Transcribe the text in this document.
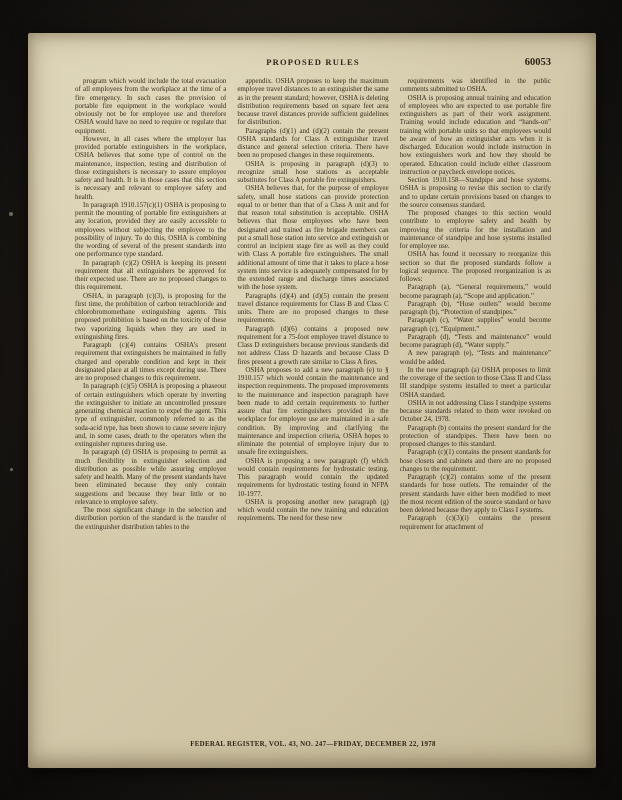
PROPOSED RULES	60053

program which would include the total evacuation of all employees from the workplace at the time of a fire emergency. In such cases the provision of portable fire equipment in the workplace would obviously not be for employee use and therefore OSHA would have no need to require or regulate that equipment.

However, in all cases where the employer has provided portable extinguishers in the workplace, OSHA believes that some type of control on the maintenance, inspection, testing and distribution of those extinguishers is necessary to assure employee safety and health. It is in those cases that this section is necessary and relevant to employee safety and health.

In paragraph 1910.157(c)(1) OSHA is proposing to permit the mounting of portable fire extinguishers at any location, provided they are easily accessible to employees without subjecting the employee to the possibility of injury. To do this, OSHA is combining the wording of several of the present standards into one performance type standard.

In paragraph (c)(2) OSHA is keeping its present requirement that all extinguishers be approved for their expected use. There are no proposed changes to this requirement.

OSHA, in paragraph (c)(3), is proposing for the first time, the prohibition of carbon tetrachloride and chlorobromomethane extinguishing agents. This proposed prohibition is based on the toxicity of these two vaporizing liquids when they are used in extinguishing fires.

Paragraph (c)(4) contains OSHA’s present requirement that extinguishers be maintained in fully charged and operable condition and kept in their designated place at all times except during use. There are no proposed changes to this requirement.

In paragraph (c)(5) OSHA is proposing a phaseout of certain extinguishers which operate by inverting the extinguisher to initiate an uncontrolled pressure generating chemical reaction to expel the agent. This type of extinguisher, commonly referred to as the soda-acid type, has been shown to cause severe injury and, in some cases, death to the operators when the extinguisher ruptures during use.

In paragraph (d) OSHA is proposing to permit as much flexibility in extinguisher selection and distribution as possible while assuring employee safety and health. Many of the present standards have been eliminated because they only contain suggestions and because they bear little or no relevance to employee safety.

The most significant change in the selection and distribution portion of the standard is the transfer of the extinguisher distribution tables to the

appendix. OSHA proposes to keep the maximum employee travel distances to an extinguisher the same as in the present standard; however, OSHA is deleting distribution requirements based on square feet area because travel distances provide sufficient guidelines for distribution.

Paragraphs (d)(1) and (d)(2) contain the present OSHA standards for Class A extinguisher travel distance and general selection criteria. There have been no proposed changes in these requirements.

OSHA is proposing in paragraph (d)(3) to recognize small hose stations as acceptable substitutes for Class A portable fire extinguishers.

OSHA believes that, for the purpose of employee safety, small hose stations can provide protection equal to or better than that of a Class A unit and for that reason total substitution is acceptable. OSHA believes that those employees who have been designated and trained as fire brigade members can put a small hose station into service and extinguish or control an incipient stage fire as well as they could with Class A portable fire extinguishers. The small additional amount of time that it takes to place a hose system into service is adequately compensated for by the extended range and discharge times associated with the hose system.

Paragraphs (d)(4) and (d)(5) contain the present travel distance requirements for Class B and Class C units. There are no proposed changes to these requirements.

Paragraph (d)(6) contains a proposed new requirement for a 75-foot employee travel distance to Class D extinguishers because previous standards did not address Class D hazards and because Class D fires present a growth rate similar to Class A fires.

OSHA proposes to add a new paragraph (e) to § 1910.157 which would contain the maintenance and inspection requirements. The proposed improvements to the maintenance and inspection paragraph have been made to add certain requirements to further assure that fire extinguishers provided in the workplace for employee use are maintained in a safe condition. By improving and clarifying the maintenance and inspection criteria, OSHA hopes to eliminate the potential of employee injury due to unsafe fire extinguishers.

OSHA is proposing a new paragraph (f) which would contain requirements for hydrostatic testing. This paragraph would contain the updated requirements for hydrostatic testing found in NFPA 10-1977.

OSHA is proposing another new paragraph (g) which would contain the new training and education requirements. The need for these new

requirements was identified in the public comments submitted to OSHA.

OSHA is proposing annual training and education of employees who are expected to use portable fire extinguishers as part of their work assignment. Training would include education and “hands-on” training with portable units so that employees would be aware of how an extinguisher acts when it is discharged. Education would include instruction in how extinguishers work and how they should be operated. Education could include either classroom instruction or paycheck envelope notices.

Section 1910.158—Standpipe and hose systems. OSHA is proposing to revise this section to clarify and to update certain provisions based on changes to the source consensus standard.

The proposed changes to this section would contribute to employee safety and health by improving the criteria for the installation and maintenance of standpipe and hose systems installed for employee use.

OSHA has found it necessary to reorganize this section so that the proposed standards follow a logical sequence. The proposed reorganization is as follows:

Paragraph (a), “General requirements,” would become paragraph (a), “Scope and application.”

Paragraph (b), “Hose outlets” would become paragraph (b), “Protection of standpipes.”

Paragraph (c), “Water supplies” would become paragraph (c), “Equipment.”

Paragraph (d), “Tests and maintenance” would become paragraph (d), “Water supply.”

A new paragraph (e), “Tests and maintenance” would be added.

In the new paragraph (a) OSHA proposes to limit the coverage of the section to those Class II and Class III standpipe systems installed to meet a particular OSHA standard.

OSHA in not addressing Class I standpipe systems because standards related to them were revoked on October 24, 1978.

Paragraph (b) contains the present standard for the protection of standpipes. There have been no proposed changes to this standard.

Paragraph (c)(1) contains the present standards for hose closets and cabinets and there are no proposed changes to the requirement.

Paragraph (c)(2) contains some of the present standards for hose outlets. The remainder of the present standards have either been modified to meet the most recent edition of the source standard or have been deleted because they apply to Class I systems.

Paragraph (c)(3)(i) contains the present requirement for attachment of

FEDERAL REGISTER, VOL. 43, NO. 247—FRIDAY, DECEMBER 22, 1978
